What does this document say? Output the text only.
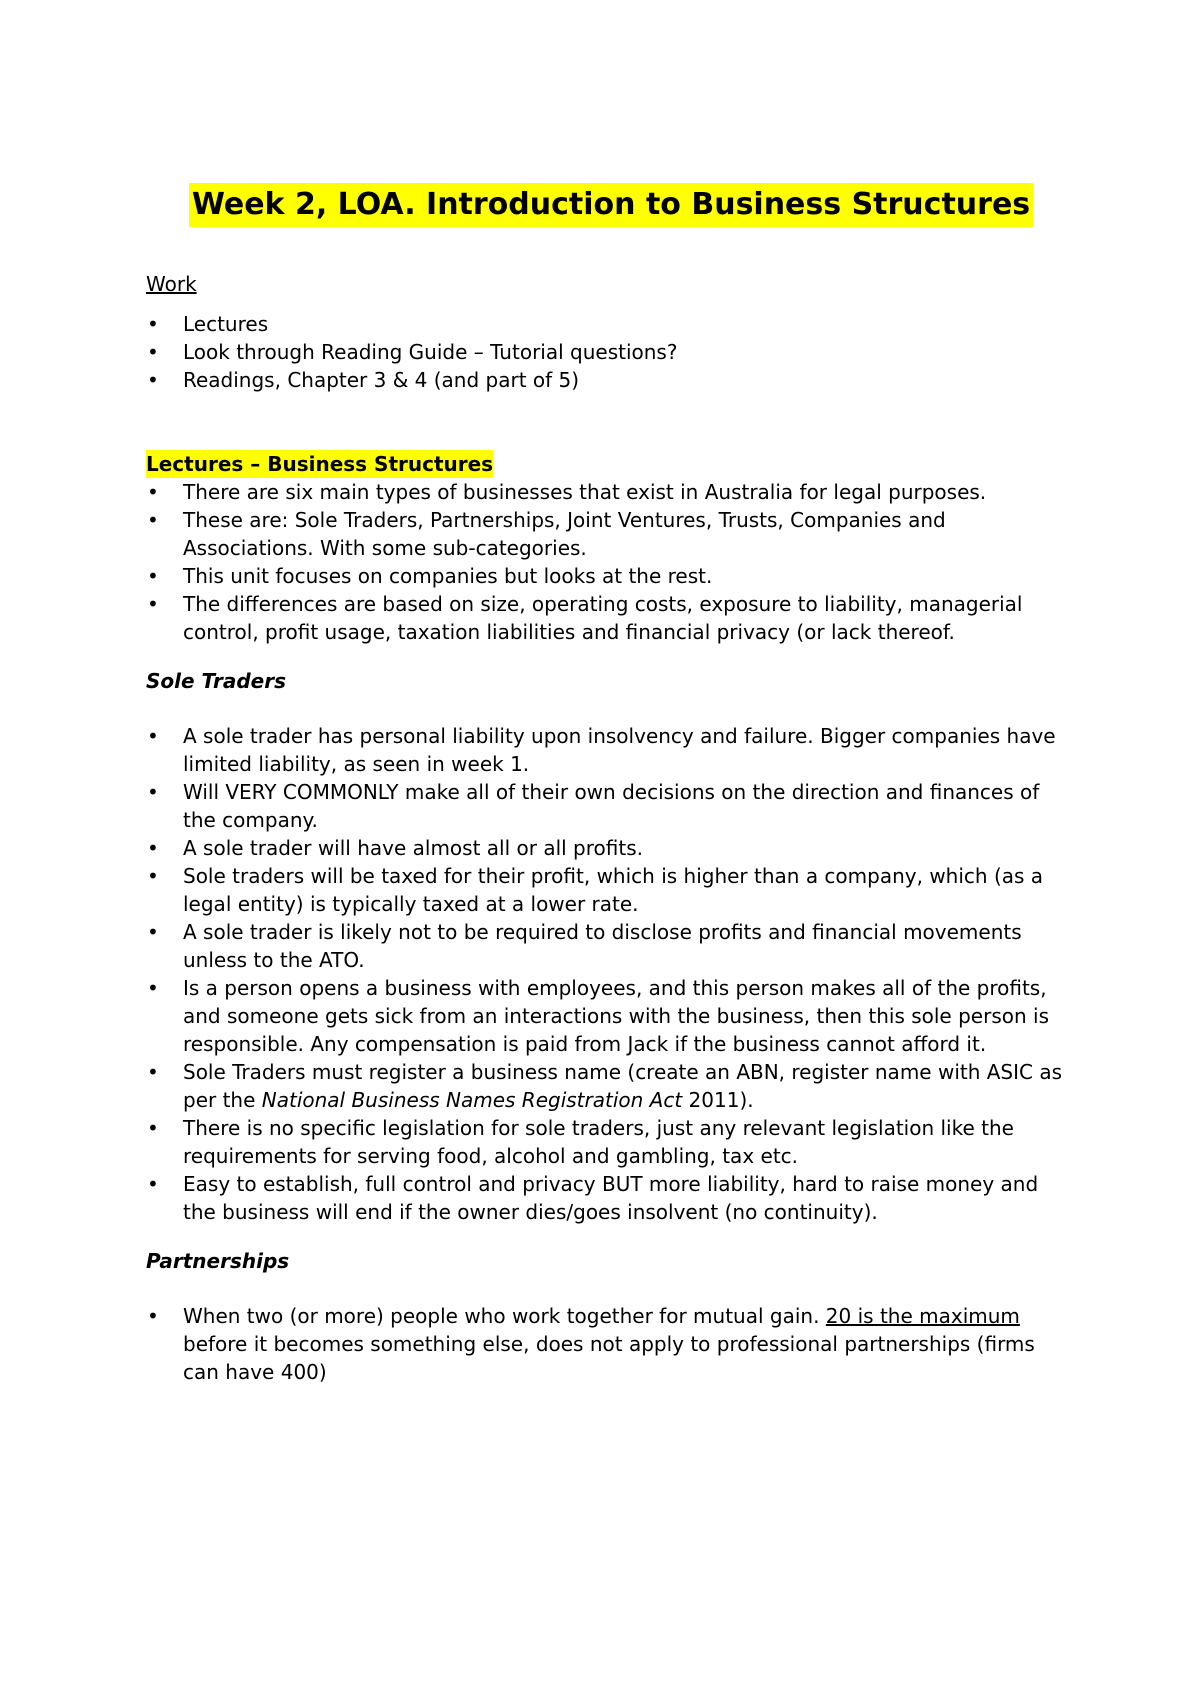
Week 2, LOA. Introduction to Business Structures
Work
• Lectures
• Look through Reading Guide – Tutorial questions?
• Readings, Chapter 3 & 4 (and part of 5)
Lectures – Business Structures
• There are six main types of businesses that exist in Australia for legal purposes.
• These are: Sole Traders, Partnerships, Joint Ventures, Trusts, Companies and Associations. With some sub-categories.
• This unit focuses on companies but looks at the rest.
• The differences are based on size, operating costs, exposure to liability, managerial control, profit usage, taxation liabilities and financial privacy (or lack thereof.
Sole Traders
• A sole trader has personal liability upon insolvency and failure. Bigger companies have limited liability, as seen in week 1.
• Will VERY COMMONLY make all of their own decisions on the direction and finances of the company.
• A sole trader will have almost all or all profits.
• Sole traders will be taxed for their profit, which is higher than a company, which (as a legal entity) is typically taxed at a lower rate.
• A sole trader is likely not to be required to disclose profits and financial movements unless to the ATO.
• Is a person opens a business with employees, and this person makes all of the profits, and someone gets sick from an interactions with the business, then this sole person is responsible. Any compensation is paid from Jack if the business cannot afford it.
• Sole Traders must register a business name (create an ABN, register name with ASIC as per the National Business Names Registration Act 2011).
• There is no specific legislation for sole traders, just any relevant legislation like the requirements for serving food, alcohol and gambling, tax etc.
• Easy to establish, full control and privacy BUT more liability, hard to raise money and the business will end if the owner dies/goes insolvent (no continuity).
Partnerships
• When two (or more) people who work together for mutual gain. 20 is the maximum before it becomes something else, does not apply to professional partnerships (firms can have 400)
